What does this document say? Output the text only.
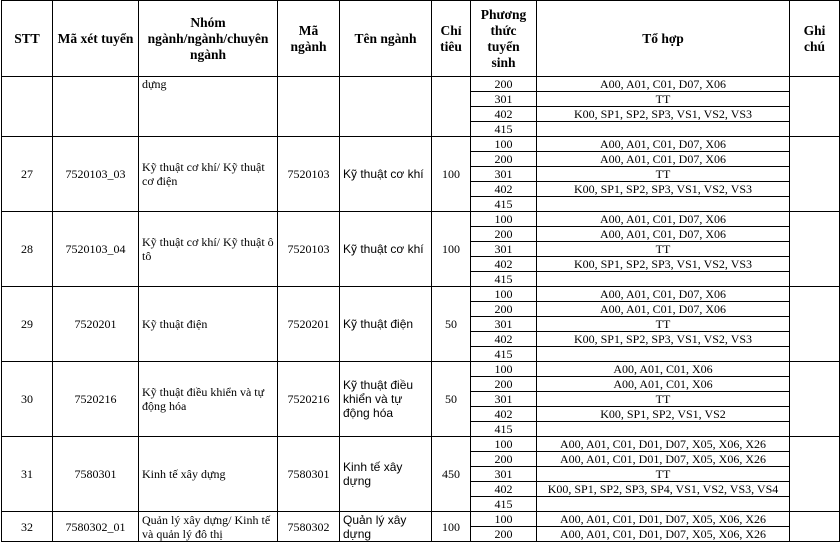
STT	Mã xét tuyển	Nhóm ngành/ngành/chuyên ngành	Mã ngành	Tên ngành	Chỉ tiêu	Phương thức tuyển sinh	Tổ hợp	Ghi chú
		dựng				200	A00, A01, C01, D07, X06	
						301	TT	
						402	K00, SP1, SP2, SP3, VS1, VS2, VS3	
						415		
27	7520103_03	Kỹ thuật cơ khí/ Kỹ thuật cơ điện	7520103	Kỹ thuật cơ khí	100	100	A00, A01, C01, D07, X06	
						200	A00, A01, C01, D07, X06	
						301	TT	
						402	K00, SP1, SP2, SP3, VS1, VS2, VS3	
						415		
28	7520103_04	Kỹ thuật cơ khí/ Kỹ thuật ô tô	7520103	Kỹ thuật cơ khí	100	100	A00, A01, C01, D07, X06	
						200	A00, A01, C01, D07, X06	
						301	TT	
						402	K00, SP1, SP2, SP3, VS1, VS2, VS3	
						415		
29	7520201	Kỹ thuật điện	7520201	Kỹ thuật điện	50	100	A00, A01, C01, D07, X06	
						200	A00, A01, C01, D07, X06	
						301	TT	
						402	K00, SP1, SP2, SP3, VS1, VS2, VS3	
						415		
30	7520216	Kỹ thuật điều khiển và tự động hóa	7520216	Kỹ thuật điều khiển và tự động hóa	50	100	A00, A01, C01, X06	
						200	A00, A01, C01, X06	
						301	TT	
						402	K00, SP1, SP2, VS1, VS2	
						415		
31	7580301	Kinh tế xây dựng	7580301	Kinh tế xây dựng	450	100	A00, A01, C01, D01, D07, X05, X06, X26	
						200	A00, A01, C01, D01, D07, X05, X06, X26	
						301	TT	
						402	K00, SP1, SP2, SP3, SP4, VS1, VS2, VS3, VS4	
						415		
32	7580302_01	Quản lý xây dựng/ Kinh tế và quản lý đô thị	7580302	Quản lý xây dựng	100	100	A00, A01, C01, D01, D07, X05, X06, X26	
						200	A00, A01, C01, D01, D07, X05, X06, X26	
